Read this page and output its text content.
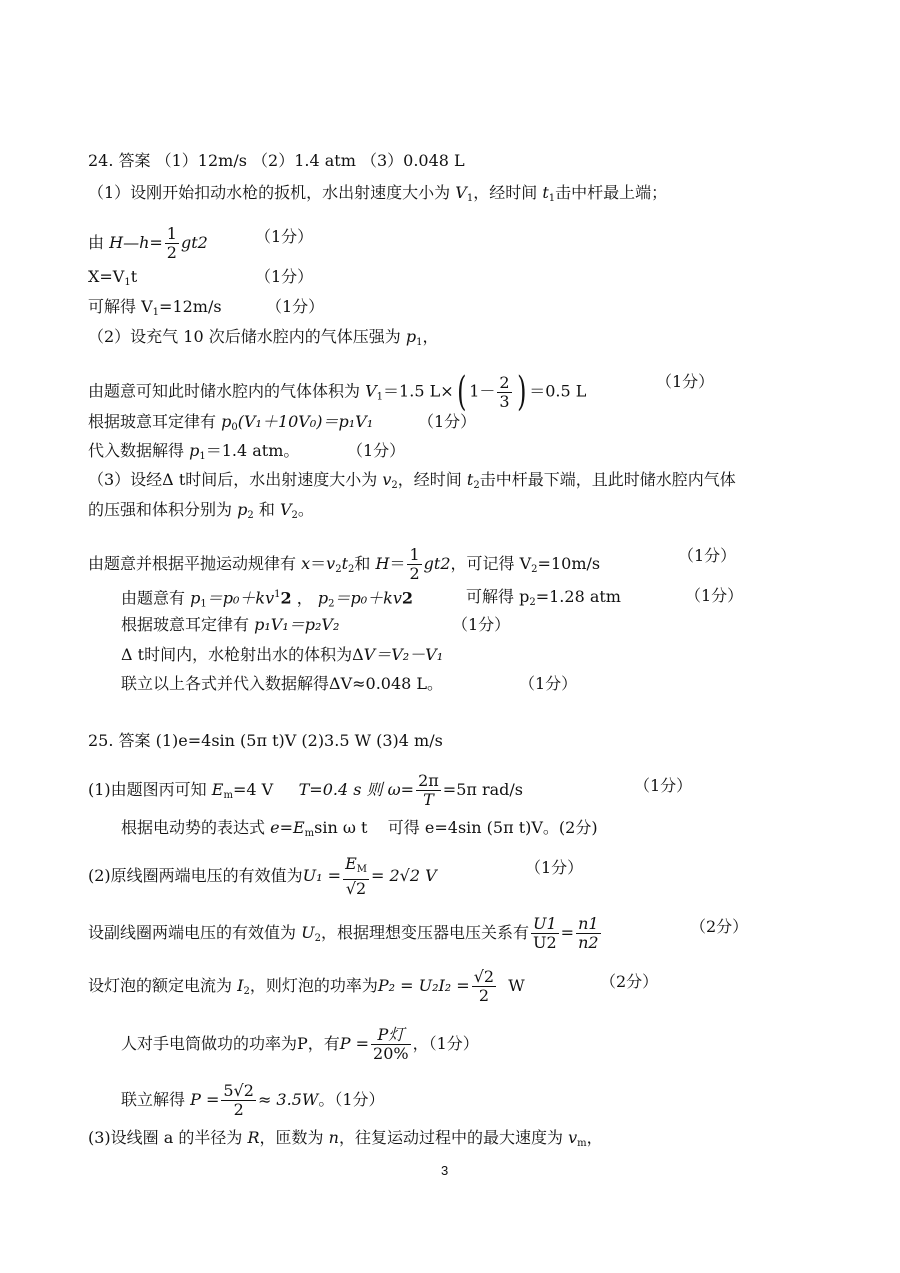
24. 答案 （1）12m/s （2）1.4 atm （3）0.048 L
（1）设刚开始扣动水枪的扳机，水出射速度大小为 $V_1$，经时间 $t_1$击中杆最上端；
由 H—h= $\frac{1}{2} gt2$	（1分）
$X=V_1t$	（1分）
可解得 $V_1=12m/s$	（1分）
（2）设充气 10 次后储水腔内的气体压强为 $p_1$，
由题意可知此时储水腔内的气体体积为 $V_1=1.5$ L×( $1- \frac{2}{3}$ ) ＝0.5 L	（1分）
根据玻意耳定律有 $p_0(V_1+10V_0)=p_1V_1$	（1分）
代入数据解得 $p_1=1.4$ atm。	（1分）
（3）设经Δ t时间后，水出射速度大小为 $v_2$，经时间 $t_2$击中杆最下端，且此时储水腔内气体
的压强和体积分别为 $p_2$ 和 $V_2$。
由题意并根据平抛运动规律有 $x=v_2t_2$和 $H= \frac{1}{2} gt2$，可记得 $V_2=10m/s$	（1分）
由题意有 $p_1=p_0+kv^12$ ， $p_2=p_0+kv2$	可解得 $p_2=1.28$ atm	（1分）
根据玻意耳定律有 p₁V₁＝p₂V₂	（1分）
Δ t时间内，水枪射出水的体积为ΔV＝V₂－V₁
联立以上各式并代入数据解得ΔV≈0.048 L。	（1分）
25. 答案 (1)e=4sin (5π t)V (2)3.5 W (3)4 m/s
(1)由题图丙可知 $E_m=4$ V T=0.4 s 则 $\omega= \frac{2\pi}{T} =5\pi$ rad/s	（1分）
根据电动势的表达式 $e=E_m\sin$ ω t 可得 e=4sin (5π t)V。(2分)
(2)原线圈两端电压的有效值为$U_1 = \frac{E_M}{√2} = 2√2$ V	（1分）
设副线圈两端电压的有效值为 $U_2$，根据理想变压器电压关系有 $\frac{U1}{U2} = \frac{n1}{n2}$	（2分）
设灯泡的额定电流为 $I_2$，则灯泡的功率为$P_2 = U_2I_2 = \frac{√2}{2}$ W	（2分）
人对手电筒做功的功率为P，有$P = \frac{\text{P灯}}{20\%}$ ，（1分）
联立解得 $P = \frac{5√2}{2} \approx 3.5W$。（1分）
(3)设线圈 a 的半径为 R，匝数为 n，往复运动过程中的最大速度为 $v_m$，
3
